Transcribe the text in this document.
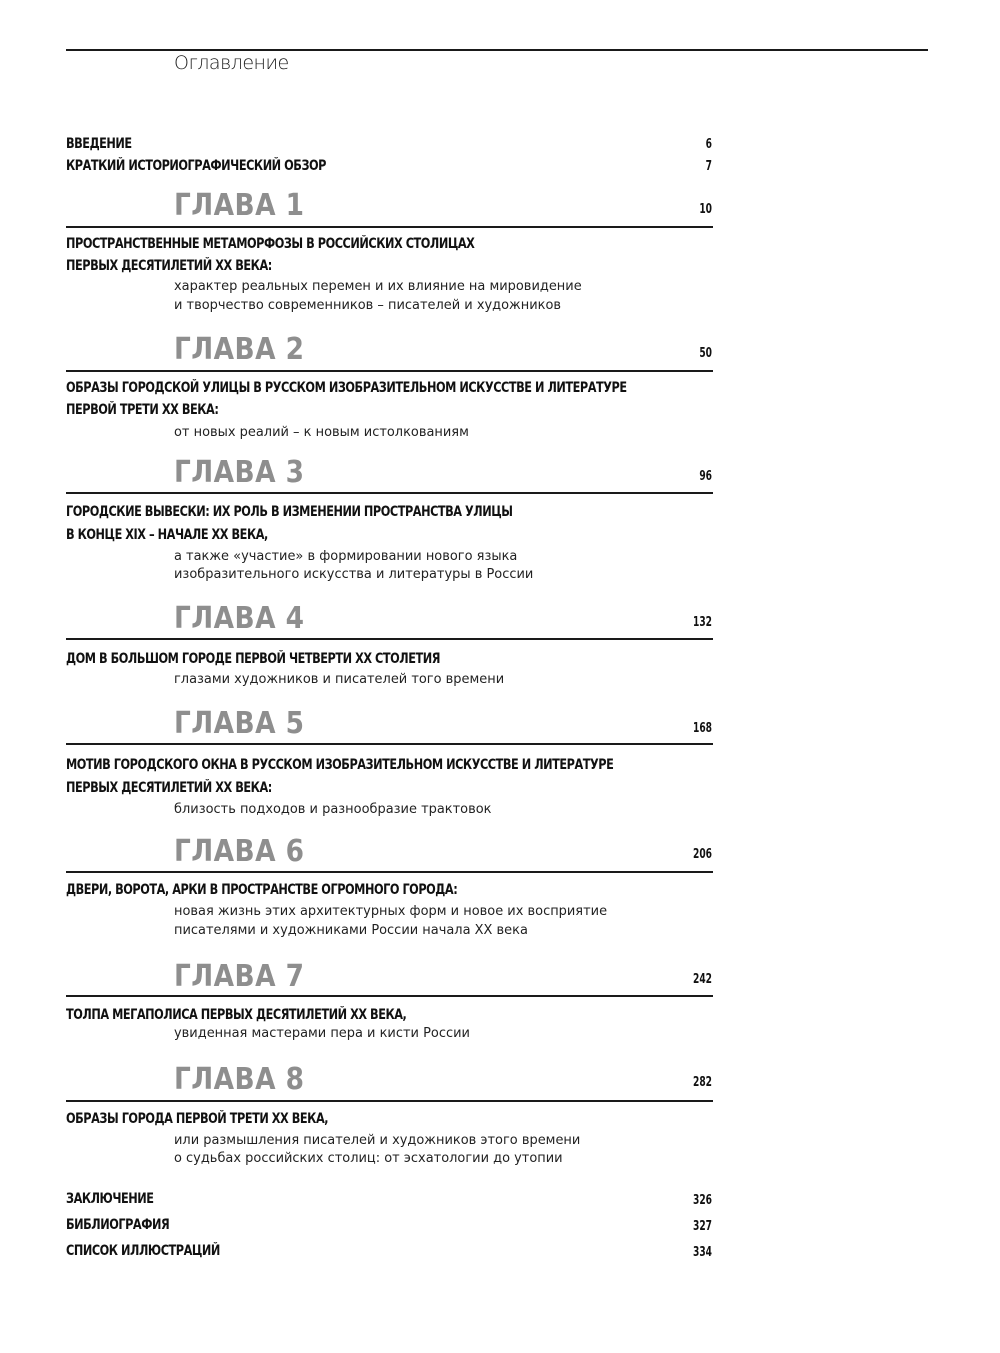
Оглавление
ВВЕДЕНИЕ	6
КРАТКИЙ ИСТОРИОГРАФИЧЕСКИЙ ОБЗОР	7
ГЛАВА 1	10
ПРОСТРАНСТВЕННЫЕ МЕТАМОРФОЗЫ В РОССИЙСКИХ СТОЛИЦАХ
ПЕРВЫХ ДЕСЯТИЛЕТИЙ XX ВЕКА:
характер реальных перемен и их влияние на мировидение
и творчество современников – писателей и художников
ГЛАВА 2	50
ОБРАЗЫ ГОРОДСКОЙ УЛИЦЫ В РУССКОМ ИЗОБРАЗИТЕЛЬНОМ ИСКУССТВЕ И ЛИТЕРАТУРЕ
ПЕРВОЙ ТРЕТИ XX ВЕКА:
от новых реалий – к новым истолкованиям
ГЛАВА 3	96
ГОРОДСКИЕ ВЫВЕСКИ: ИХ РОЛЬ В ИЗМЕНЕНИИ ПРОСТРАНСТВА УЛИЦЫ
В КОНЦЕ XIX – НАЧАЛЕ XX ВЕКА,
а также «участие» в формировании нового языка
изобразительного искусства и литературы в России
ГЛАВА 4	132
ДОМ В БОЛЬШОМ ГОРОДЕ ПЕРВОЙ ЧЕТВЕРТИ XX СТОЛЕТИЯ
глазами художников и писателей того времени
ГЛАВА 5	168
МОТИВ ГОРОДСКОГО ОКНА В РУССКОМ ИЗОБРАЗИТЕЛЬНОМ ИСКУССТВЕ И ЛИТЕРАТУРЕ
ПЕРВЫХ ДЕСЯТИЛЕТИЙ XX ВЕКА:
близость подходов и разнообразие трактовок
ГЛАВА 6	206
ДВЕРИ, ВОРОТА, АРКИ В ПРОСТРАНСТВЕ ОГРОМНОГО ГОРОДА:
новая жизнь этих архитектурных форм и новое их восприятие
писателями и художниками России начала XX века
ГЛАВА 7	242
ТОЛПА МЕГАПОЛИСА ПЕРВЫХ ДЕСЯТИЛЕТИЙ XX ВЕКА,
увиденная мастерами пера и кисти России
ГЛАВА 8	282
ОБРАЗЫ ГОРОДА ПЕРВОЙ ТРЕТИ XX ВЕКА,
или размышления писателей и художников этого времени
о судьбах российских столиц: от эсхатологии до утопии
ЗАКЛЮЧЕНИЕ	326
БИБЛИОГРАФИЯ	327
СПИСОК ИЛЛЮСТРАЦИЙ	334
